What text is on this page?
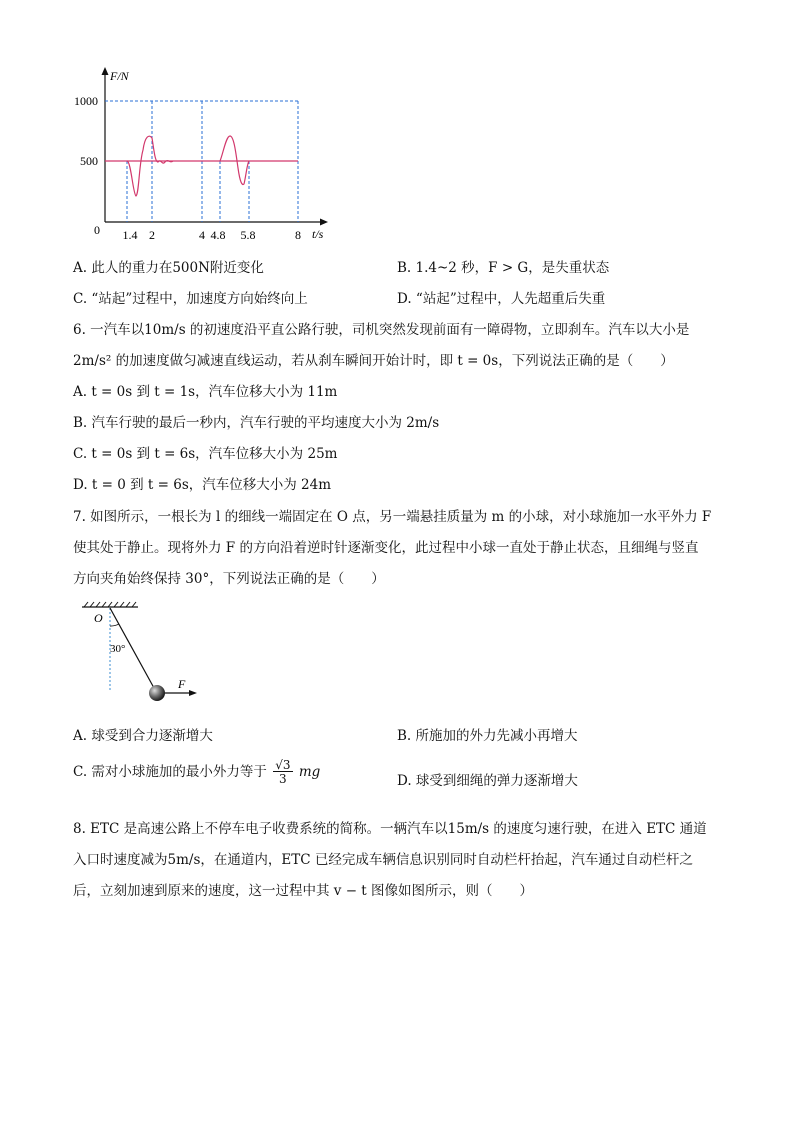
F/N
1000
500
0	t/s
1.4 2	4 4.8 5.8	8
A. 此人的重力在500N附近变化	B. 1.4~2 秒，F > G，是失重状态
C. “站起”过程中，加速度方向始终向上	D. “站起”过程中，人先超重后失重
6. 一汽车以10m/s 的初速度沿平直公路行驶，司机突然发现前面有一障碍物，立即刹车。汽车以大小是
2m/s² 的加速度做匀减速直线运动，若从刹车瞬间开始计时，即 t = 0s，下列说法正确的是（　　）
A. t = 0s 到 t = 1s，汽车位移大小为 11m
B. 汽车行驶的最后一秒内，汽车行驶的平均速度大小为 2m/s
C. t = 0s 到 t = 6s，汽车位移大小为 25m
D. t = 0 到 t = 6s，汽车位移大小为 24m
7. 如图所示，一根长为 l 的细线一端固定在 O 点，另一端悬挂质量为 m 的小球，对小球施加一水平外力 F
使其处于静止。现将外力 F 的方向沿着逆时针逐渐变化，此过程中小球一直处于静止状态，且细绳与竖直
方向夹角始终保持 30°，下列说法正确的是（　　）
O
30°
F
A. 球受到合力逐渐增大	B. 所施加的外力先减小再增大
C. 需对小球施加的最小外力等于 $\frac{√3}{3}$ mg
D. 球受到细绳的弹力逐渐增大
8. ETC 是高速公路上不停车电子收费系统的简称。一辆汽车以15m/s 的速度匀速行驶，在进入 ETC 通道
入口时速度减为5m/s，在通道内，ETC 已经完成车辆信息识别同时自动栏杆抬起，汽车通过自动栏杆之
后，立刻加速到原来的速度，这一过程中其 v − t 图像如图所示，则（　　）
